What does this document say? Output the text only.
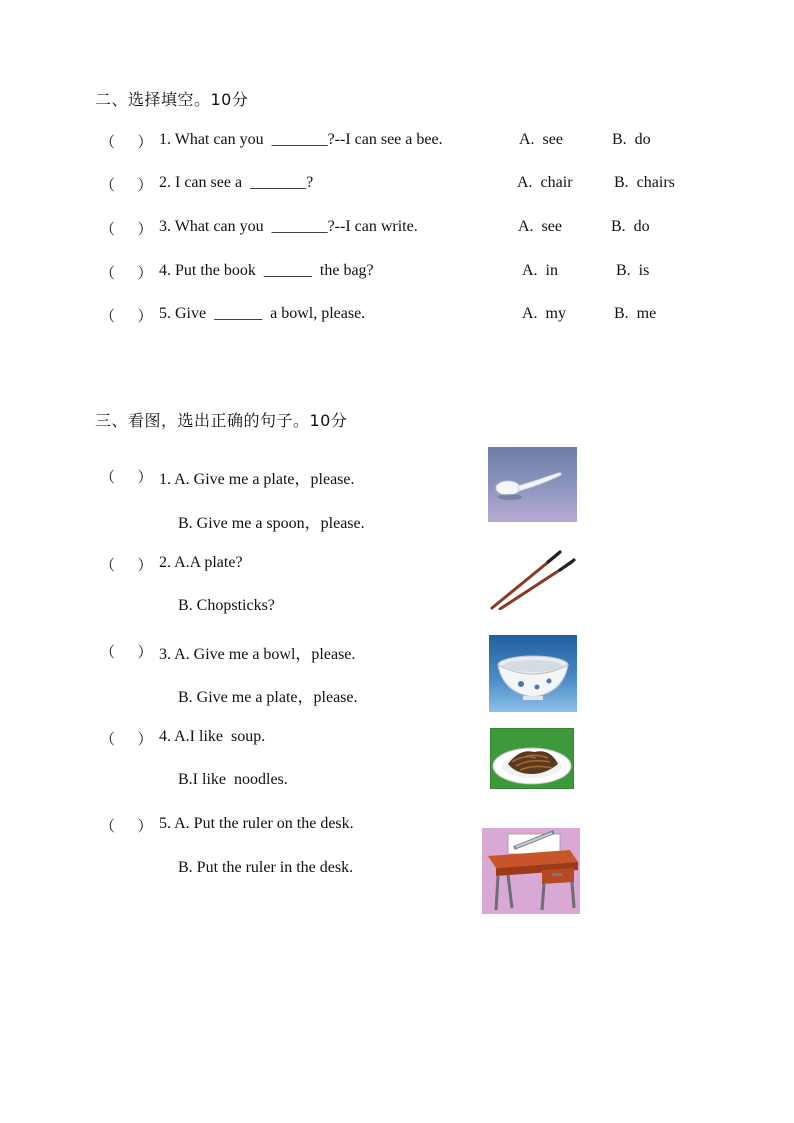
二、选择填空。10分
（      ） 1. What can you  _______?--I can see a bee.	A.  see	B.  do
（      ） 2. I can see a  _______?	A.  chair	B.  chairs
（      ） 3. What can you  _______?--I can write.	A.  see	B.  do
（      ） 4. Put the book  ______  the bag?	A.  in	B.  is
（      ） 5. Give  ______  a bowl, please.	A.  my	B.  me
三、看图，选出正确的句子。10分
（      ） 1. A. Give me a plate，please.
B. Give me a spoon，please.
（      ） 2. A.A plate?
B. Chopsticks?
（      ） 3. A. Give me a bowl，please.
B. Give me a plate，please.
（      ） 4. A.I like  soup.
B.I like  noodles.
（      ） 5. A. Put the ruler on the desk.
B. Put the ruler in the desk.
